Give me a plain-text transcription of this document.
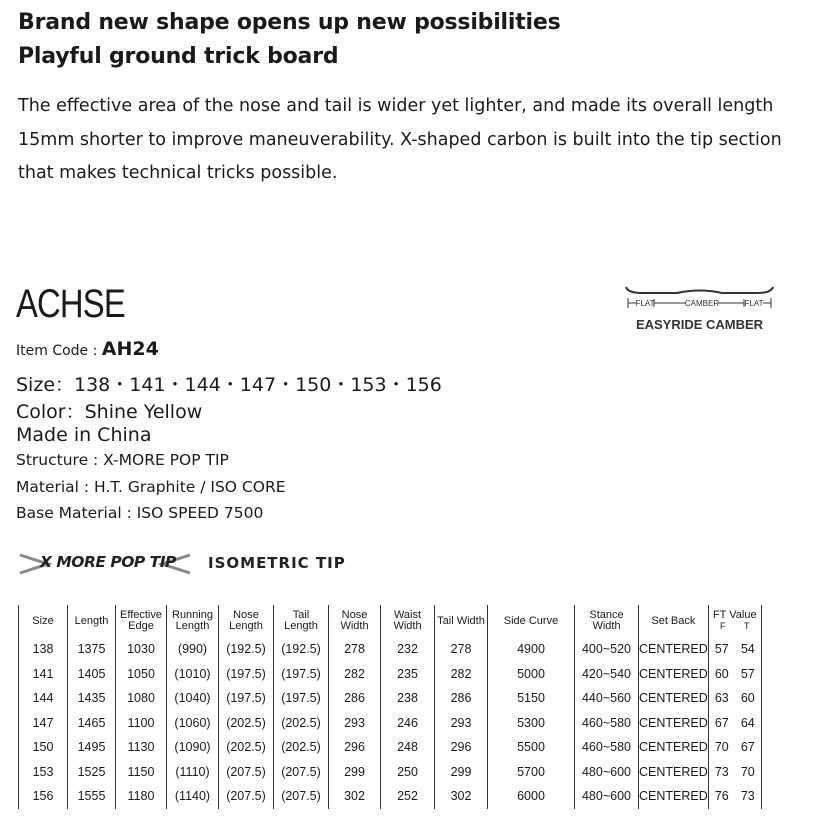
Brand new shape opens up new possibilities
Playful ground trick board
The effective area of the nose and tail is wider yet lighter, and made its overall length 15mm shorter to improve maneuverability. X-shaped carbon is built into the tip section that makes technical tricks possible.
ACHSE	FLAT	CAMBER	FLAT
EASYRIDE CAMBER
Item Code : AH24
Size：138・141・144・147・150・153・156
Color：Shine Yellow
Made in China
Structure : X-MORE POP TIP
Material : H.T. Graphite / ISO CORE
Base Material : ISO SPEED 7500
X MORE POP TIP ISOMETRIC TIP
Size	Length	Effective Edge	Running Length	Nose Length	Tail Length	Nose Width	Waist Width	Tail Width	Side Curve	Stance Width	Set Back	FT Value
F T

138	1375	1030	(990)	(192.5)	(192.5)	278	232	278	4900	400~520	CENTERED	57 54

141	1405	1050	(1010)	(197.5)	(197.5)	282	235	282	5000	420~540	CENTERED	60 57

144	1435	1080	(1040)	(197.5)	(197.5)	286	238	286	5150	440~560	CENTERED	63 60

147	1465	1100	(1060)	(202.5)	(202.5)	293	246	293	5300	460~580	CENTERED	67 64

150	1495	1130	(1090)	(202.5)	(202.5)	296	248	296	5500	460~580	CENTERED	70 67

153	1525	1150	(1110)	(207.5)	(207.5)	299	250	299	5700	480~600	CENTERED	73 70

156	1555	1180	(1140)	(207.5)	(207.5)	302	252	302	6000	480~600	CENTERED	76 73
